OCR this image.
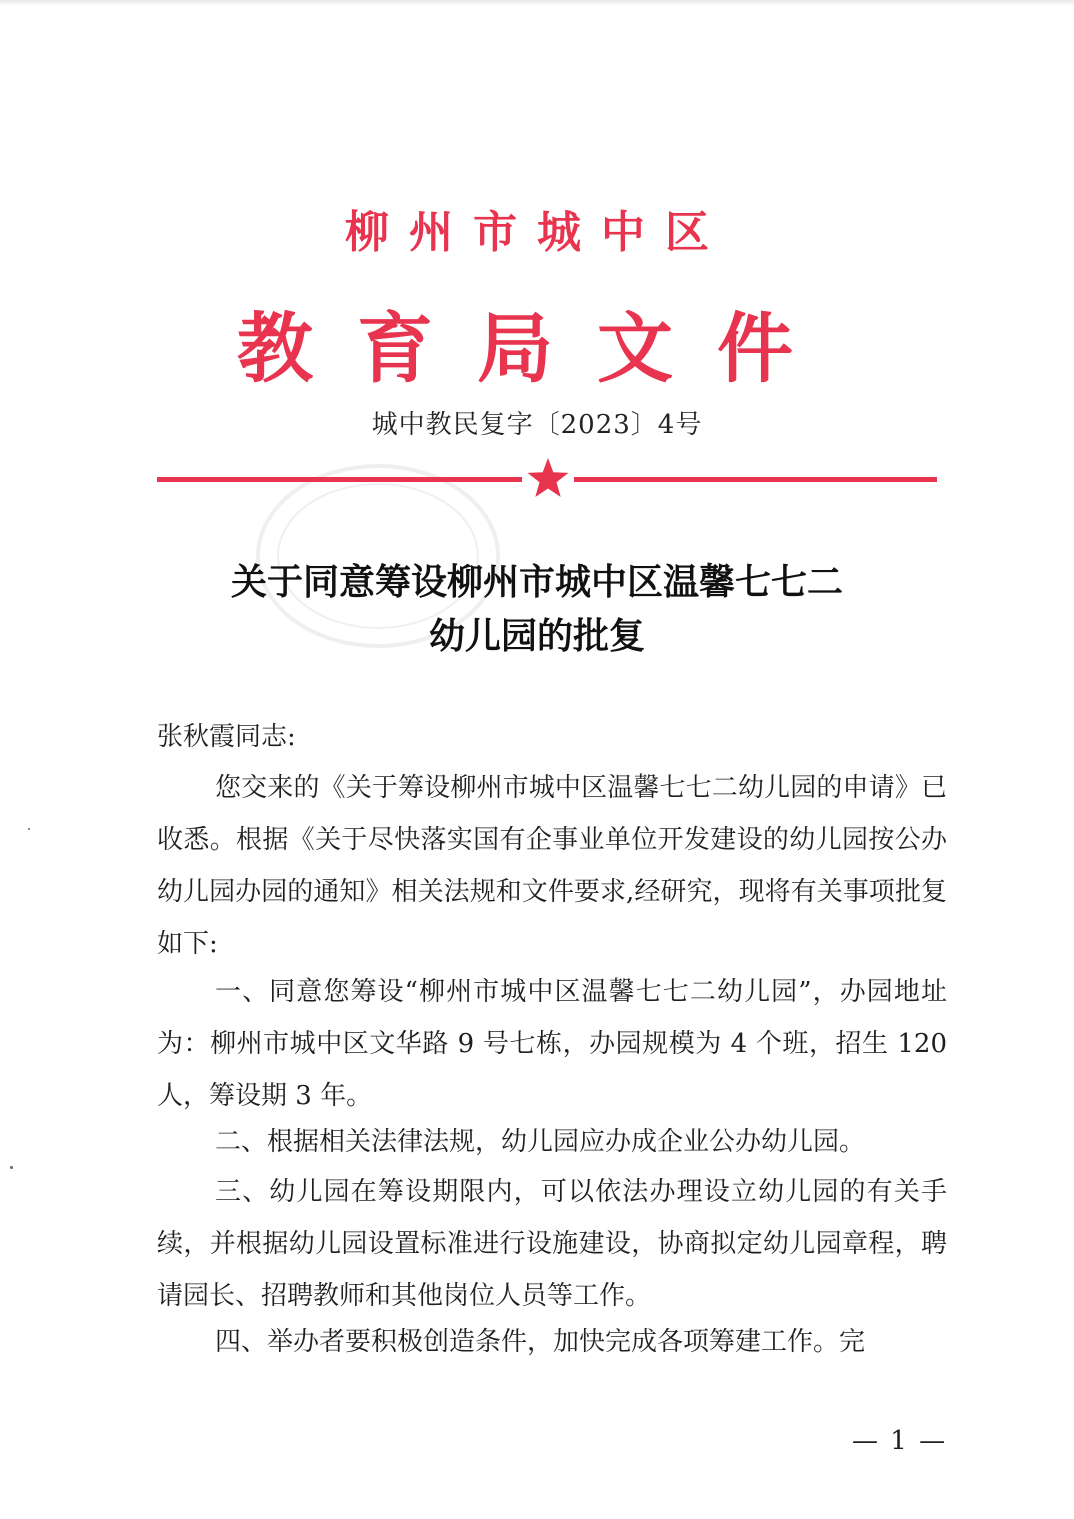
柳州市城中区
教育局文件
城中教民复字〔2023〕4号
关于同意筹设柳州市城中区温馨七七二
幼儿园的批复
张秋霞同志:
您交来的《关于筹设柳州市城中区温馨七七二幼儿园的申请》已收悉。根据《关于尽快落实国有企事业单位开发建设的幼儿园按公办幼儿园办园的通知》相关法规和文件要求,经研究，现将有关事项批复如下:
一、同意您筹设“柳州市城中区温馨七七二幼儿园”，办园地址为：柳州市城中区文华路 9 号七栋，办园规模为 4 个班，招生 120 人，筹设期 3 年。
二、根据相关法律法规，幼儿园应办成企业公办幼儿园。
三、幼儿园在筹设期限内，可以依法办理设立幼儿园的有关手续，并根据幼儿园设置标准进行设施建设，协商拟定幼儿园章程，聘请园长、招聘教师和其他岗位人员等工作。
四、举办者要积极创造条件，加快完成各项筹建工作。完
— 1 —
